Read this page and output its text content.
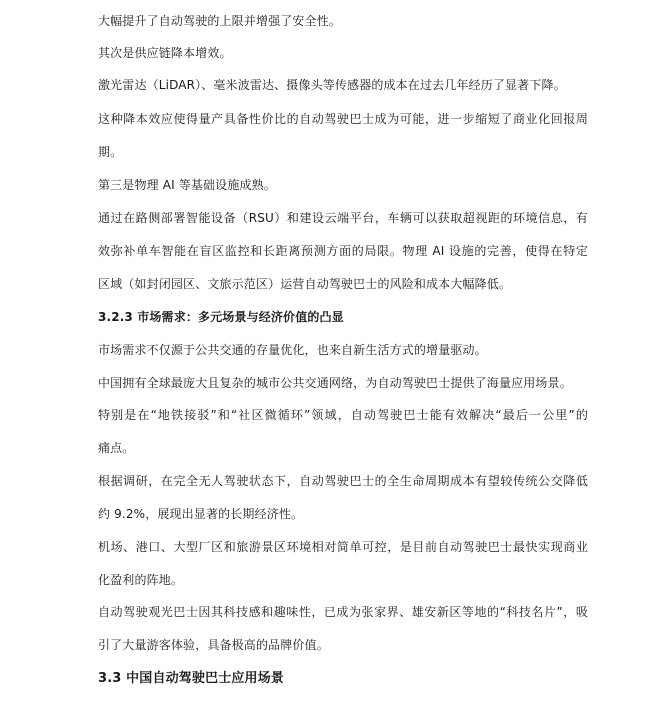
大幅提升了自动驾驶的上限并增强了安全性。
其次是供应链降本增效。
激光雷达（LiDAR）、毫米波雷达、摄像头等传感器的成本在过去几年经历了显著下降。
这种降本效应使得量产具备性价比的自动驾驶巴士成为可能，进一步缩短了商业化回报周
期。
第三是物理 AI 等基础设施成熟。
通过在路侧部署智能设备（RSU）和建设云端平台，车辆可以获取超视距的环境信息，有
效弥补单车智能在盲区监控和长距离预测方面的局限。物理 AI 设施的完善，使得在特定
区域（如封闭园区、文旅示范区）运营自动驾驶巴士的风险和成本大幅降低。
3.2.3 市场需求：多元场景与经济价值的凸显
市场需求不仅源于公共交通的存量优化，也来自新生活方式的增量驱动。
中国拥有全球最庞大且复杂的城市公共交通网络，为自动驾驶巴士提供了海量应用场景。
特别是在“地铁接驳”和“社区微循环”领域，自动驾驶巴士能有效解决“最后一公里”的
痛点。
根据调研，在完全无人驾驶状态下，自动驾驶巴士的全生命周期成本有望较传统公交降低
约 9.2%，展现出显著的长期经济性。
机场、港口、大型厂区和旅游景区环境相对简单可控，是目前自动驾驶巴士最快实现商业
化盈利的阵地。
自动驾驶观光巴士因其科技感和趣味性，已成为张家界、雄安新区等地的“科技名片”，吸
引了大量游客体验，具备极高的品牌价值。
3.3 中国自动驾驶巴士应用场景
